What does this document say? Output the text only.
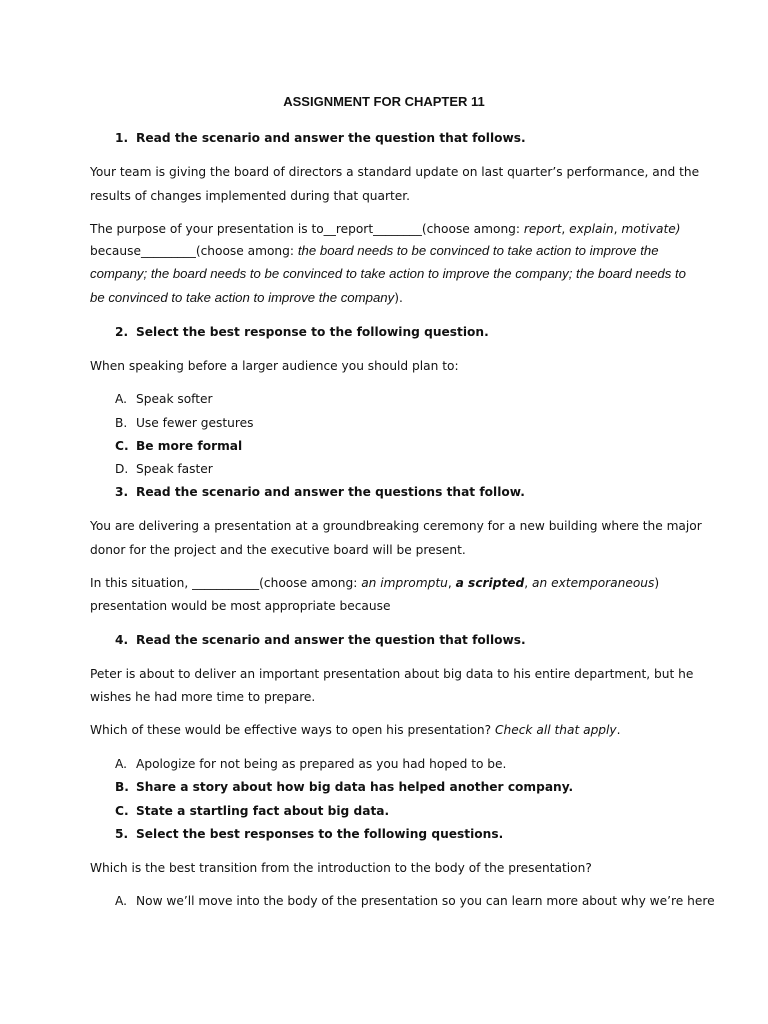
ASSIGNMENT FOR CHAPTER 11
1. Read the scenario and answer the question that follows.
Your team is giving the board of directors a standard update on last quarter’s performance, and the
results of changes implemented during that quarter.
The purpose of your presentation is to__report________(choose among: report, explain, motivate)
because_________(choose among: the board needs to be convinced to take action to improve the
company; the board needs to be convinced to take action to improve the company; the board needs to
be convinced to take action to improve the company).
2. Select the best response to the following question.
When speaking before a larger audience you should plan to:
A. Speak softer
B. Use fewer gestures
C. Be more formal
D. Speak faster
3. Read the scenario and answer the questions that follow.
You are delivering a presentation at a groundbreaking ceremony for a new building where the major
donor for the project and the executive board will be present.
In this situation, ___________(choose among: an impromptu, a scripted, an extemporaneous)
presentation would be most appropriate because
4. Read the scenario and answer the question that follows.
Peter is about to deliver an important presentation about big data to his entire department, but he
wishes he had more time to prepare.
Which of these would be effective ways to open his presentation? Check all that apply.
A. Apologize for not being as prepared as you had hoped to be.
B. Share a story about how big data has helped another company.
C. State a startling fact about big data.
5. Select the best responses to the following questions.
Which is the best transition from the introduction to the body of the presentation?
A. Now we’ll move into the body of the presentation so you can learn more about why we’re here
